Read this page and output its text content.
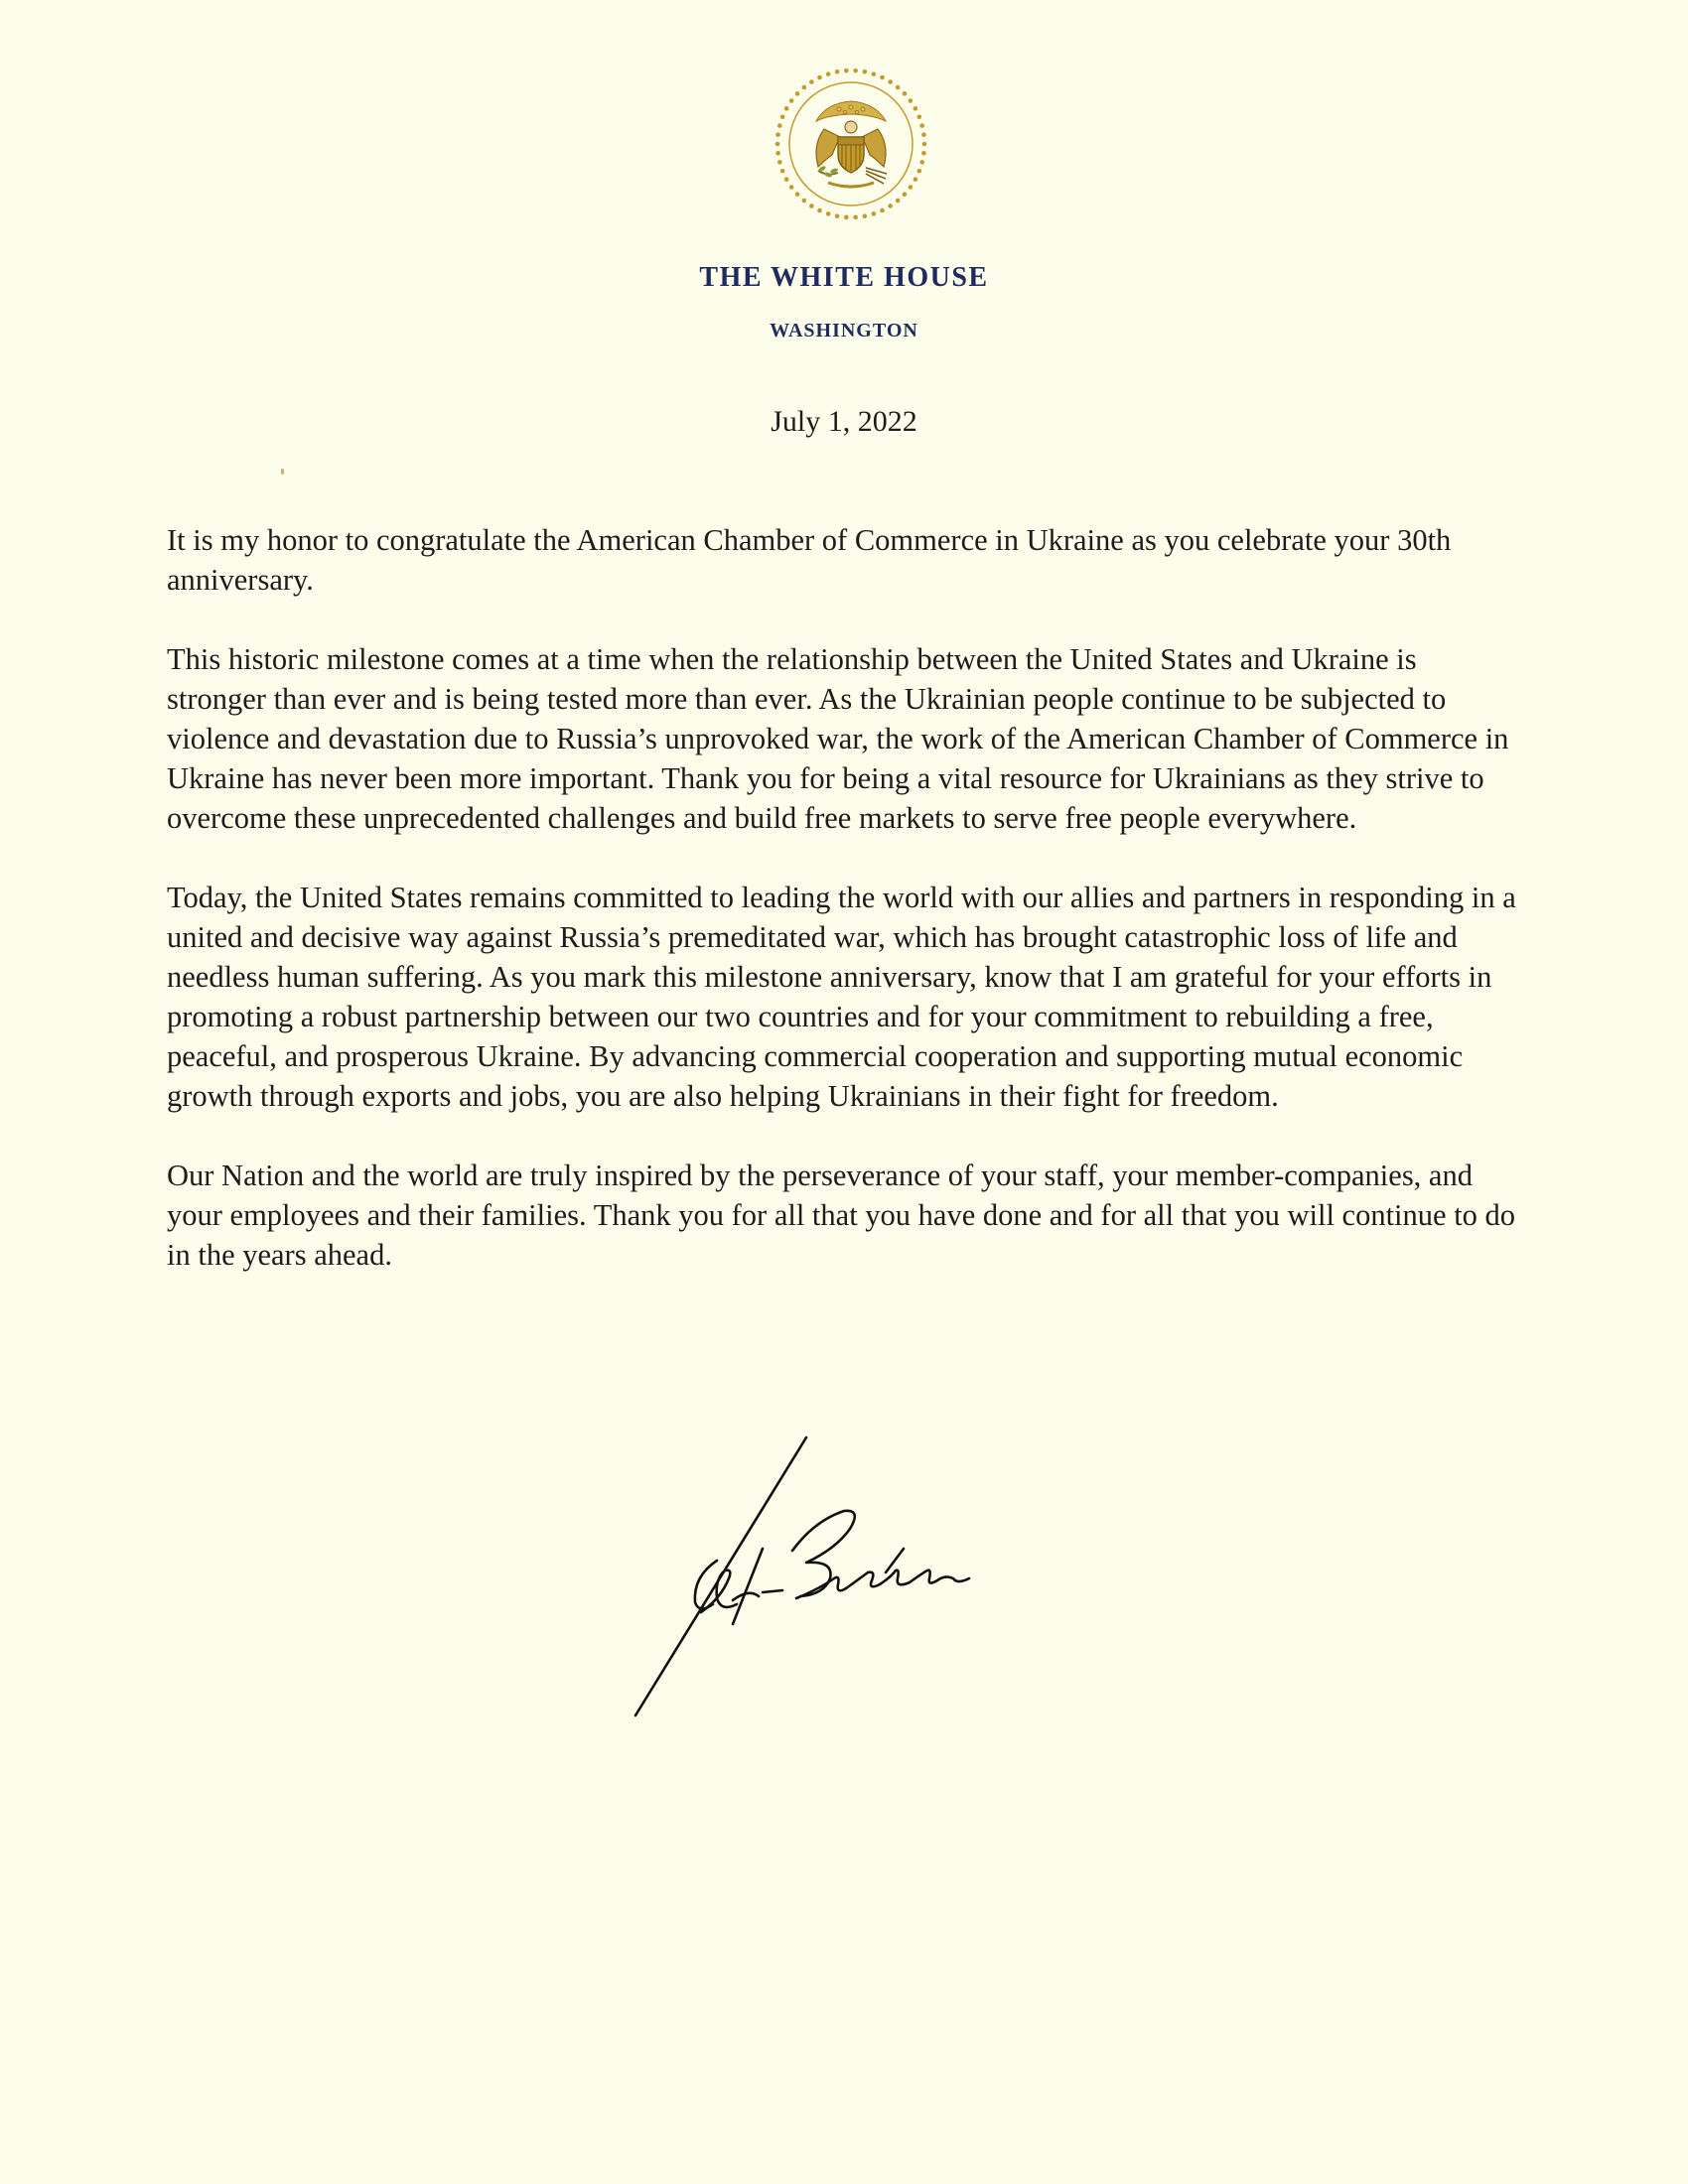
THE WHITE HOUSE
WASHINGTON
July 1, 2022

It is my honor to congratulate the American Chamber of Commerce in Ukraine as you celebrate your 30th anniversary.

This historic milestone comes at a time when the relationship between the United States and Ukraine is stronger than ever and is being tested more than ever. As the Ukrainian people continue to be subjected to violence and devastation due to Russia’s unprovoked war, the work of the American Chamber of Commerce in Ukraine has never been more important. Thank you for being a vital resource for Ukrainians as they strive to overcome these unprecedented challenges and build free markets to serve free people everywhere.

Today, the United States remains committed to leading the world with our allies and partners in responding in a united and decisive way against Russia’s premeditated war, which has brought catastrophic loss of life and needless human suffering. As you mark this milestone anniversary, know that I am grateful for your efforts in promoting a robust partnership between our two countries and for your commitment to rebuilding a free, peaceful, and prosperous Ukraine. By advancing commercial cooperation and supporting mutual economic growth through exports and jobs, you are also helping Ukrainians in their fight for freedom.

Our Nation and the world are truly inspired by the perseverance of your staff, your member-companies, and your employees and their families. Thank you for all that you have done and for all that you will continue to do in the years ahead.
